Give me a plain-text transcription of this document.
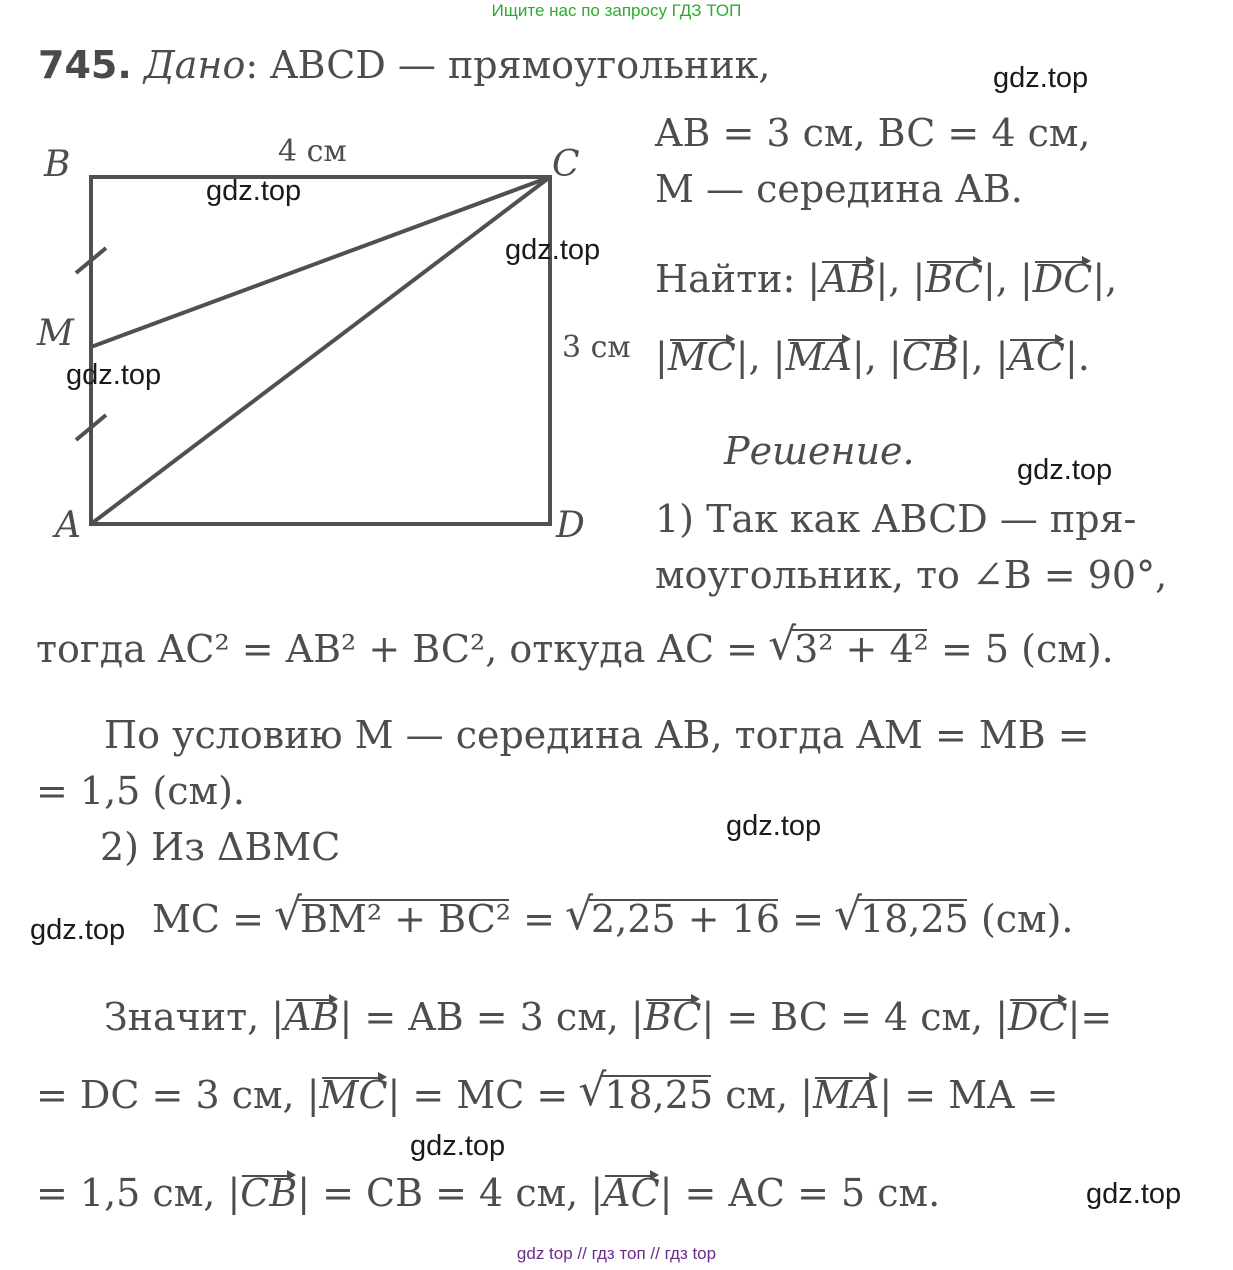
Ищите нас по запросу ГДЗ ТОП
B	C
M
A	D
4 см
3 см
745. Дано: ABCD — прямоугольник,
AB = 3 см, BC = 4 см,
M — середина AB.
Найти: |AB|, |BC|, |DC|,
|MC|, |MA|, |CB|, |AC|.
Решение.
1) Так как ABCD — пря-
моугольник, то ∠B = 90°,
тогда AC² = AB² + BC², откуда AC = √ 3² + 4² = 5 (см).
По условию M — середина AB, тогда AM = MB =
= 1,5 (см).
2) Из ΔBMC
MC = √ BM² + BC² = √ 2,25 + 16 = √ 18,25 (см).
Значит, |AB| = AB = 3 см, |BC| = BC = 4 см, |DC|=
= DC = 3 см, |MC| = MC = √ 18,25 см, |MA| = MA =
= 1,5 см, |CB| = CB = 4 см, |AC| = AC = 5 см.
gdz.top
gdz.top
gdz.top
gdz.top
gdz.top
gdz.top
gdz.top
gdz.top
gdz.top
gdz top // гдз топ // гдз top
